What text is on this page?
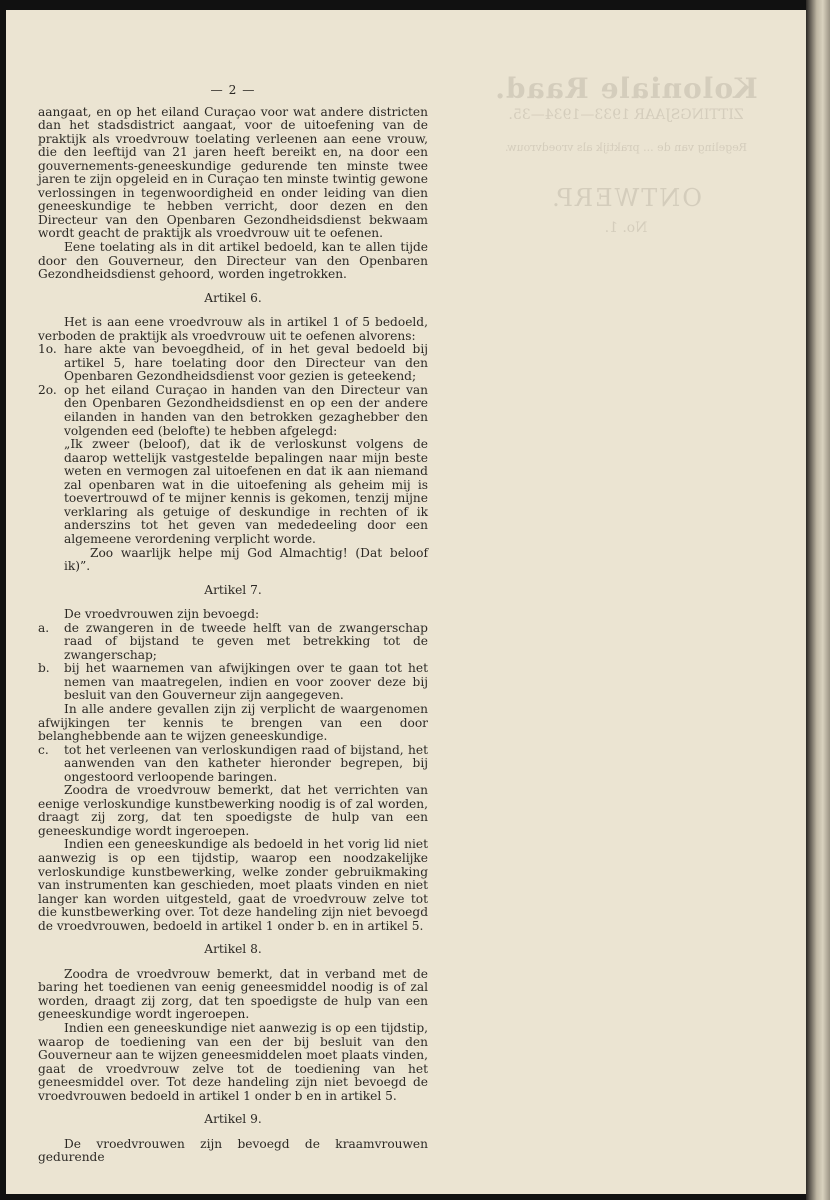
Koloniale Raad.
ZITTINGSJAAR 1933—1934—35.
Regeling van de ... praktijk als vroedvrouw.
ONTWERP.
No. 1.

— 2 —

aangaat, en op het eiland Curaçao voor wat andere districten dan het stadsdistrict aangaat, voor de uitoefening van de praktijk als vroedvrouw toelating verleenen aan eene vrouw, die den leeftijd van 21 jaren heeft bereikt en, na door een gouvernements-geneeskundige gedurende ten minste twee jaren te zijn opgeleid en in Curaçao ten minste twintig gewone verlossingen in tegenwoordigheid en onder leiding van dien geneeskundige te hebben verricht, door dezen en den Directeur van den Openbaren Gezondheidsdienst bekwaam wordt geacht de praktijk als vroedvrouw uit te oefenen.

Eene toelating als in dit artikel bedoeld, kan te allen tijde door den Gouverneur, den Directeur van den Openbaren Gezondheidsdienst gehoord, worden ingetrokken.

Artikel 6.

Het is aan eene vroedvrouw als in artikel 1 of 5 bedoeld, verboden de praktijk als vroedvrouw uit te oefenen alvorens:

1o. hare akte van bevoegdheid, of in het geval bedoeld bij artikel 5, hare toelating door den Directeur van den Openbaren Gezondheidsdienst voor gezien is geteekend;
2o. op het eiland Curaçao in handen van den Directeur van den Openbaren Gezondheidsdienst en op een der andere eilanden in handen van den betrokken gezaghebber den volgenden eed (belofte) te hebben afgelegd:

„Ik zweer (beloof), dat ik de verloskunst volgens de daarop wettelijk vastgestelde bepalingen naar mijn beste weten en vermogen zal uitoefenen en dat ik aan niemand zal openbaren wat in die uitoefening als geheim mij is toevertrouwd of te mijner kennis is gekomen, tenzij mijne verklaring als getuige of deskundige in rechten of ik anderszins tot het geven van mededeeling door een algemeene verordening verplicht worde.

Zoo waarlijk helpe mij God Almachtig! (Dat beloof ik)”.

Artikel 7.

De vroedvrouwen zijn bevoegd:

a.	de zwangeren in de tweede helft van de zwangerschap raad of bijstand te geven met betrekking tot de zwangerschap;
b.	bij het waarnemen van afwijkingen over te gaan tot het nemen van maatregelen, indien en voor zoover deze bij besluit van den Gouverneur zijn aangegeven.

In alle andere gevallen zijn zij verplicht de waargenomen afwijkingen ter kennis te brengen van een door belanghebbende aan te wijzen geneeskundige.

c.	tot het verleenen van verloskundigen raad of bijstand, het aanwenden van den katheter hieronder begrepen, bij ongestoord verloopende baringen.

Zoodra de vroedvrouw bemerkt, dat het verrichten van eenige verloskundige kunstbewerking noodig is of zal worden, draagt zij zorg, dat ten spoedigste de hulp van een geneeskundige wordt ingeroepen.

Indien een geneeskundige als bedoeld in het vorig lid niet aanwezig is op een tijdstip, waarop een noodzakelijke verloskundige kunstbewerking, welke zonder gebruikmaking van instrumenten kan geschieden, moet plaats vinden en niet langer kan worden uitgesteld, gaat de vroedvrouw zelve tot die kunstbewerking over. Tot deze handeling zijn niet bevoegd de vroedvrouwen, bedoeld in artikel 1 onder b. en in artikel 5.

Artikel 8.

Zoodra de vroedvrouw bemerkt, dat in verband met de baring het toedienen van eenig geneesmiddel noodig is of zal worden, draagt zij zorg, dat ten spoedigste de hulp van een geneeskundige wordt ingeroepen.

Indien een geneeskundige niet aanwezig is op een tijdstip, waarop de toediening van een der bij besluit van den Gouverneur aan te wijzen geneesmiddelen moet plaats vinden, gaat de vroedvrouw zelve tot de toediening van het geneesmiddel over. Tot deze handeling zijn niet bevoegd de vroedvrouwen bedoeld in artikel 1 onder b en in artikel 5.

Artikel 9.

De vroedvrouwen zijn bevoegd de kraamvrouwen gedurende
